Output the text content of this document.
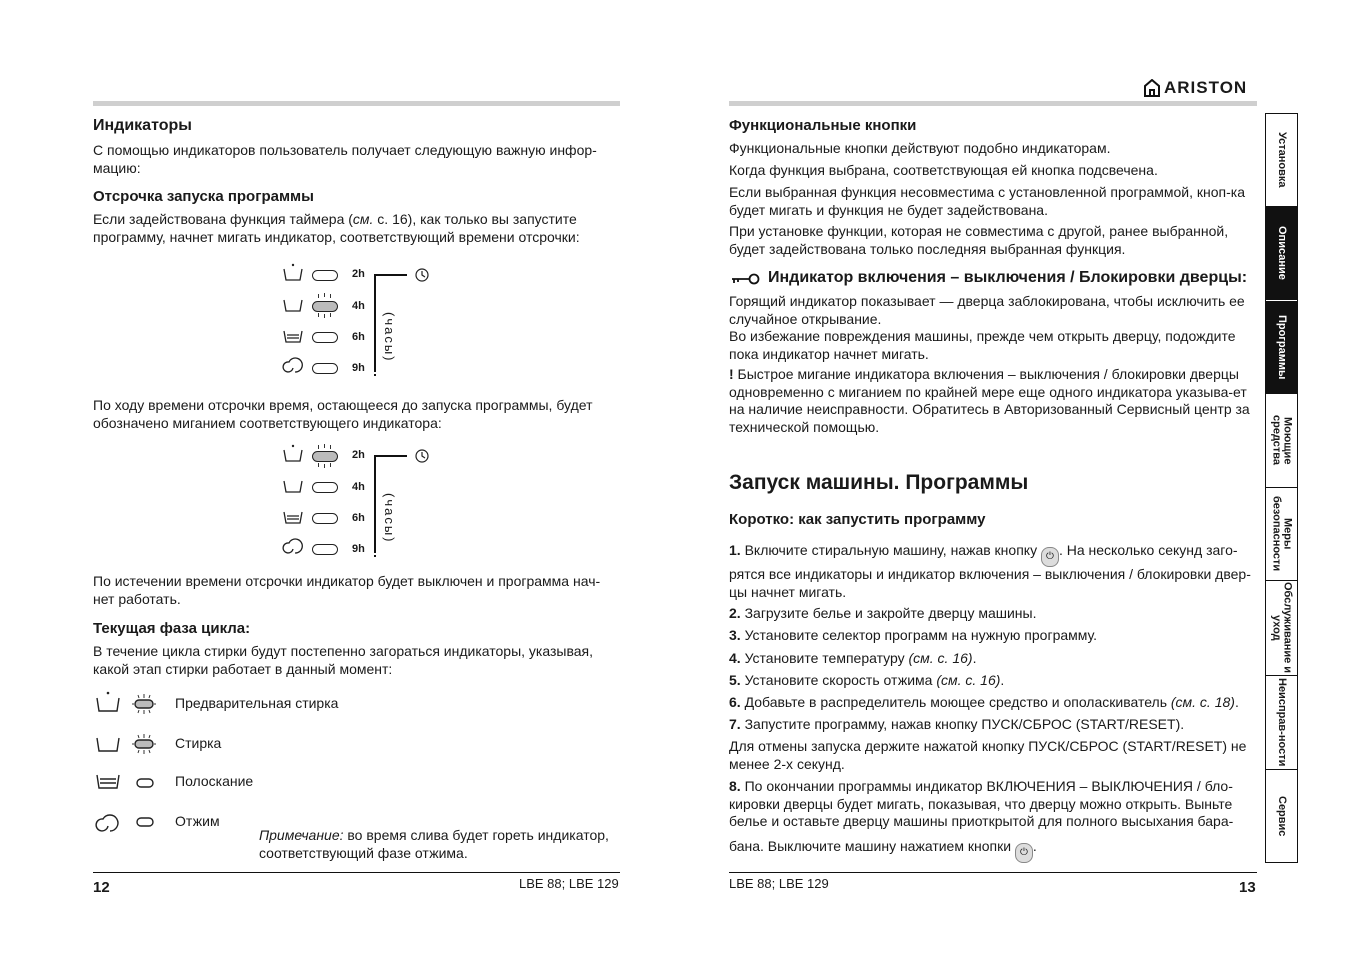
Индикаторы

С помощью индикаторов пользователь получает следующую важную инфор-мацию:

Отсрочка запуска программы

Если задействована функция таймера (см. с. 16), как только вы запустите программу, начнет мигать индикатор, соответствующий времени отсрочки:

2h
4h
6h
9h
(часы)

По ходу времени отсрочки время, остающееся до запуска программы, будет обозначено миганием соответствующего индикатора:

2h
4h
6h
9h
(часы)

По истечении времени отсрочки индикатор будет выключен и программа нач-нет работать.

Текущая фаза цикла:

В течение цикла стирки будут постепенно загораться индикаторы, указывая, какой этап стирки работает в данный момент:

Предварительная стирка

Стирка

Полоскание

Отжим

Примечание: во время слива будет гореть индикатор, соответствующий фазе отжима.

12	LBE 88; LBE 129
ARISTON
Функциональные кнопки

Функциональные кнопки действуют подобно индикаторам.

Когда функция выбрана, соответствующая ей кнопка подсвечена.

Если выбранная функция несовместима с установленной программой, кноп-ка будет мигать и функция не будет задействована.

При установке функции, которая не совместима с другой, ранее выбранной, будет задействована только последняя выбранная функция.

Индикатор включения – выключения / Блокировки дверцы:

Горящий индикатор показывает — дверца заблокирована, чтобы исключить ее случайное открывание.

Во избежание повреждения машины, прежде чем открыть дверцу, подождите пока индикатор начнет мигать.

! Быстрое мигание индикатора включения – выключения / блокировки дверцы одновременно с миганием по крайней мере еще одного индикатора указыва-ет на наличие неисправности. Обратитесь в Авторизованный Сервисный центр за технической помощью.

Запуск машины. Программы
Коротко: как запустить программу

1. Включите стиральную машину, нажав кнопку ⏻ . На несколько секунд заго-

рятся все индикаторы и индикатор включения – выключения / блокировки двер-цы начнет мигать.

2. Загрузите белье и закройте дверцу машины.

3. Установите селектор программ на нужную программу.

4. Установите температуру (см. с. 16).

5. Установите скорость отжима (см. с. 16).

6. Добавьте в распределитель моющее средство и ополаскиватель (см. с. 18).

7. Запустите программу, нажав кнопку ПУСК/СБРОС (START/RESET).

Для отмены запуска держите нажатой кнопку ПУСК/СБРОС (START/RESET) не менее 2-х секунд.

8. По окончании программы индикатор ВКЛЮЧЕНИЯ – ВЫКЛЮЧЕНИЯ / бло-кировки дверцы будет мигать, показывая, что дверцу можно открыть. Выньте белье и оставьте дверцу машины приоткрытой для полного высыхания бара-

бана. Выключите машину нажатием кнопки ⏻ .

LBE 88; LBE 129	13
Установка
Описание
Программы
Моющие средства
Меры безопасности
Обслуживание и уход
Неисправ-ности
Сервис
